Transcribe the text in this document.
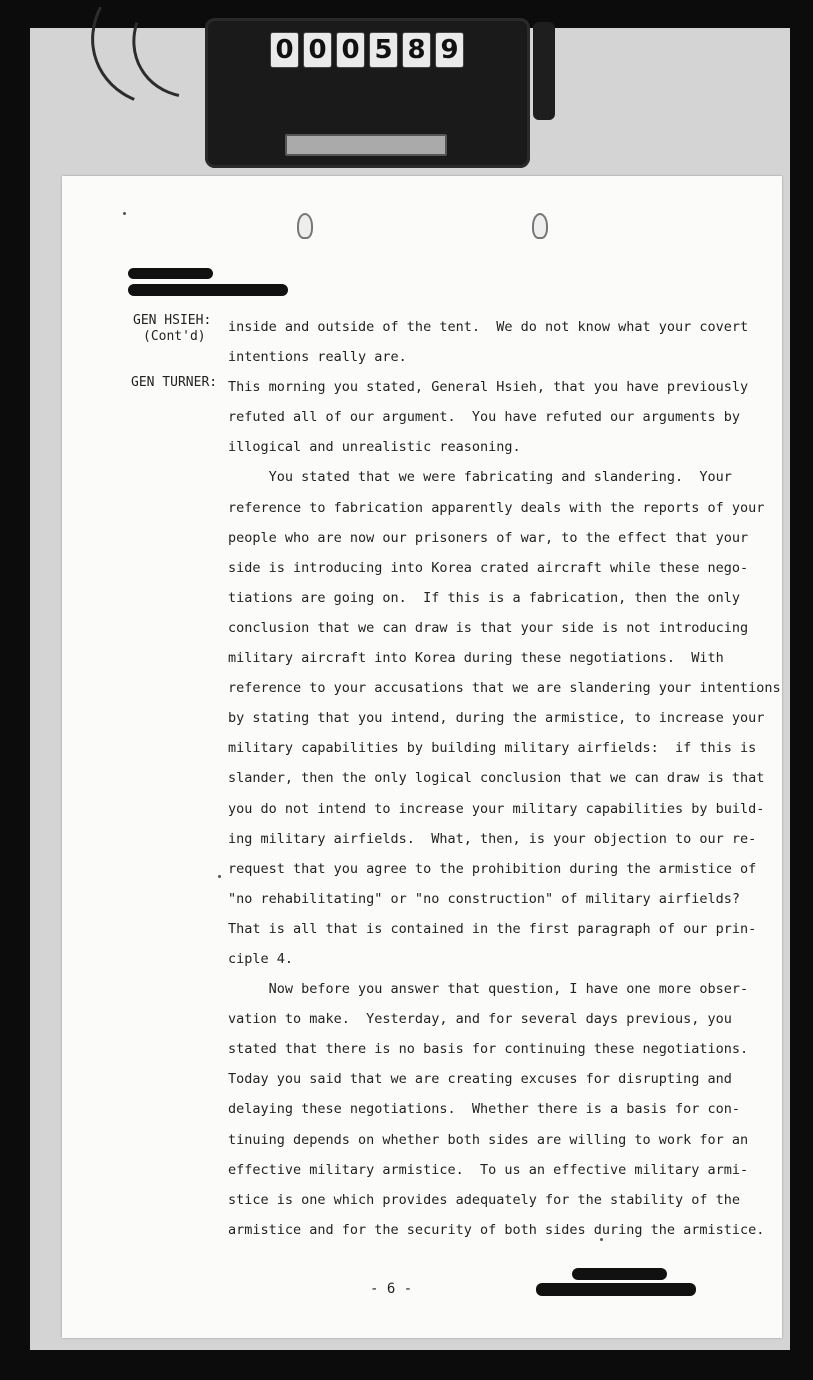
0 0 0 5 8 9
GEN HSIEH:
(Cont'd)
GEN TURNER:
inside and outside of the tent.  We do not know what your covert
intentions really are.
This morning you stated, General Hsieh, that you have previously
refuted all of our argument.  You have refuted our arguments by
illogical and unrealistic reasoning.
You stated that we were fabricating and slandering.  Your
reference to fabrication apparently deals with the reports of your
people who are now our prisoners of war, to the effect that your
side is introducing into Korea crated aircraft while these nego-
tiations are going on.  If this is a fabrication, then the only
conclusion that we can draw is that your side is not introducing
military aircraft into Korea during these negotiations.  With
reference to your accusations that we are slandering your intentions
by stating that you intend, during the armistice, to increase your
military capabilities by building military airfields:  if this is
slander, then the only logical conclusion that we can draw is that
you do not intend to increase your military capabilities by build-
ing military airfields.  What, then, is your objection to our re-
request that you agree to the prohibition during the armistice of
"no rehabilitating" or "no construction" of military airfields?
That is all that is contained in the first paragraph of our prin-
ciple 4.
Now before you answer that question, I have one more obser-
vation to make.  Yesterday, and for several days previous, you
stated that there is no basis for continuing these negotiations.
Today you said that we are creating excuses for disrupting and
delaying these negotiations.  Whether there is a basis for con-
tinuing depends on whether both sides are willing to work for an
effective military armistice.  To us an effective military armi-
stice is one which provides adequately for the stability of the
armistice and for the security of both sides during the armistice.
- 6 -
